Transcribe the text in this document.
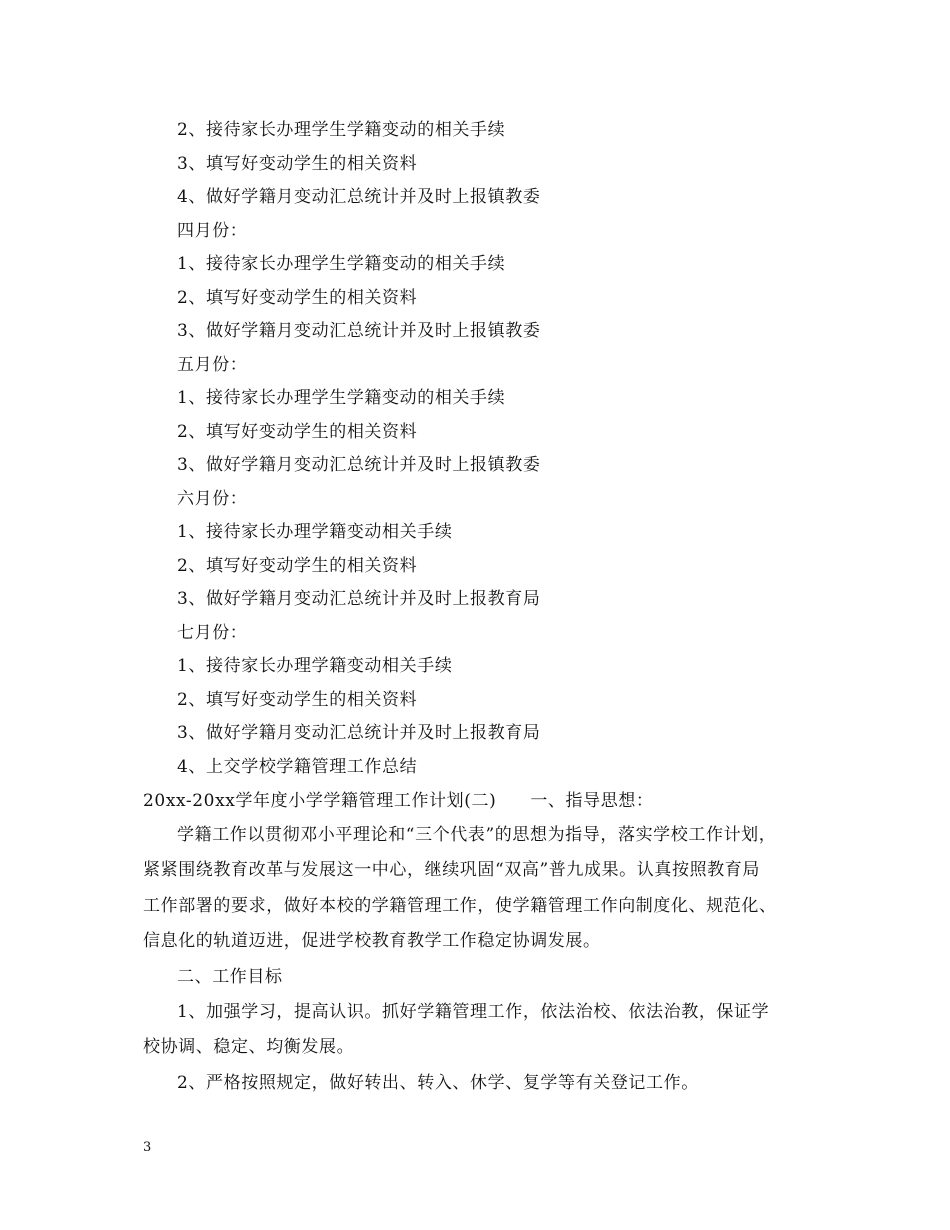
2、接待家长办理学生学籍变动的相关手续
3、填写好变动学生的相关资料
4、做好学籍月变动汇总统计并及时上报镇教委
四月份：
1、接待家长办理学生学籍变动的相关手续
2、填写好变动学生的相关资料
3、做好学籍月变动汇总统计并及时上报镇教委
五月份：
1、接待家长办理学生学籍变动的相关手续
2、填写好变动学生的相关资料
3、做好学籍月变动汇总统计并及时上报镇教委
六月份：
1、接待家长办理学籍变动相关手续
2、填写好变动学生的相关资料
3、做好学籍月变动汇总统计并及时上报教育局
七月份：
1、接待家长办理学籍变动相关手续
2、填写好变动学生的相关资料
3、做好学籍月变动汇总统计并及时上报教育局
4、上交学校学籍管理工作总结
20xx-20xx学年度小学学籍管理工作计划(二) 一、指导思想：
学籍工作以贯彻邓小平理论和“三个代表”的思想为指导，落实学校工作计划，
紧紧围绕教育改革与发展这一中心，继续巩固“双高”普九成果。认真按照教育局
工作部署的要求，做好本校的学籍管理工作，使学籍管理工作向制度化、规范化、
信息化的轨道迈进，促进学校教育教学工作稳定协调发展。
二、工作目标
1、加强学习，提高认识。抓好学籍管理工作，依法治校、依法治教，保证学
校协调、稳定、均衡发展。
2、严格按照规定，做好转出、转入、休学、复学等有关登记工作。
3
